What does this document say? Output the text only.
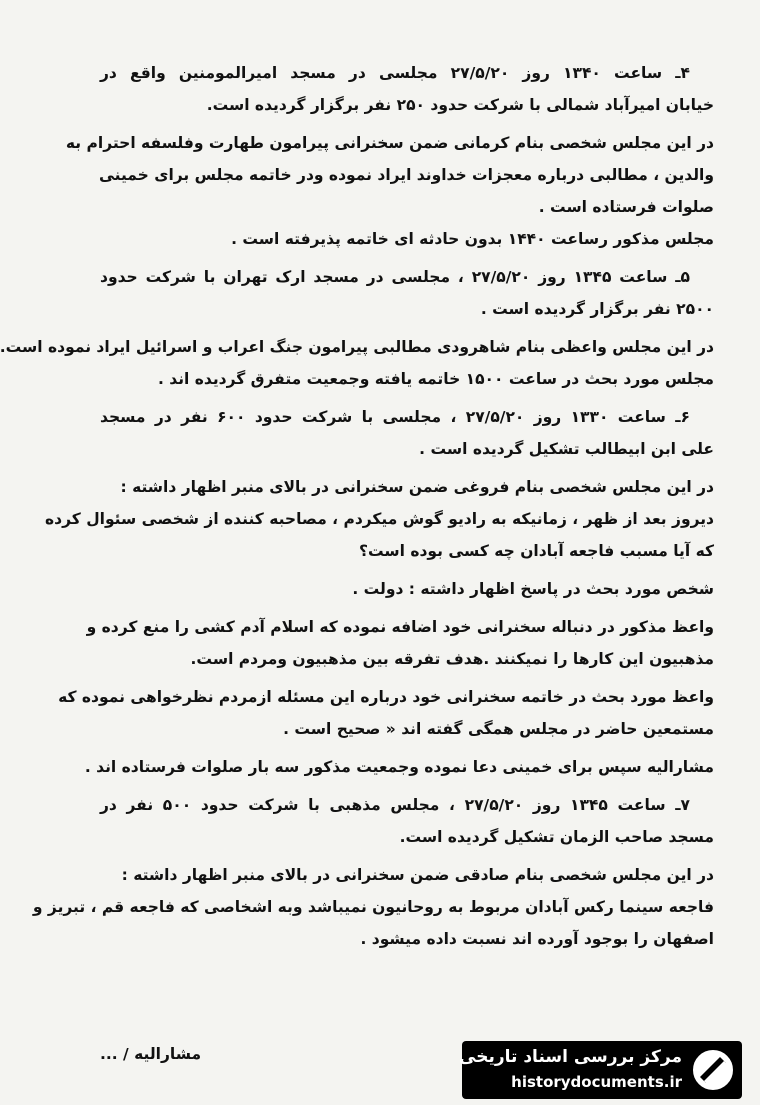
۴ـ ساعت ۱۳۴۰ روز ۲۷/۵/۲۰ مجلسی در مسجد امیرالمومنین واقع در

خیابان امیرآباد شمالی با شرکت حدود ۲۵۰ نفر برگزار گردیده است.

در این مجلس شخصی بنام کرمانی ضمن سخنرانی پیرامون طهارت وفلسفه احترام به

والدین ، مطالبی درباره معجزات خداوند ایراد نموده ودر خاتمه مجلس برای خمینی

صلوات فرستاده است .

مجلس مذکور رساعت ۱۴۴۰ بدون حادثه ای خاتمه پذیرفته است .

۵ـ ساعت ۱۳۴۵ روز ۲۷/۵/۲۰ ، مجلسی در مسجد ارک تهران با شرکت حدود

۲۵۰۰ نفر برگزار گردیده است .

در این مجلس واعظی بنام شاهرودی مطالبی پیرامون جنگ اعراب و اسرائیل ایراد نموده است.

مجلس مورد بحث در ساعت ۱۵۰۰ خاتمه یافته وجمعیت متفرق گردیده اند .

۶ـ ساعت ۱۳۳۰ روز ۲۷/۵/۲۰ ، مجلسی با شرکت حدود ۶۰۰ نفر در مسجد

علی ابن ابیطالب تشکیل گردیده است .

در این مجلس شخصی بنام فروغی ضمن سخنرانی در بالای منبر اظهار داشته :

دیروز بعد از ظهر ، زمانیکه به رادیو گوش میکردم ، مصاحبه کننده از شخصی سئوال کرده

که آیا مسبب فاجعه آبادان چه کسی بوده است؟

شخص مورد بحث در پاسخ اظهار داشته : دولت .

واعظ مذکور در دنباله سخنرانی خود اضافه نموده که اسلام آدم کشی را منع کرده و

مذهبیون این کارها را نمیکنند .هدف تفرقه بین مذهبیون ومردم است.

واعظ مورد بحث در خاتمه سخنرانی خود درباره این مسئله ازمردم نظرخواهی نموده که

مستمعین حاضر در مجلس همگی گفته اند « صحیح است .

مشارالیه سپس برای خمینی دعا نموده وجمعیت مذکور سه بار صلوات فرستاده اند .

۷ـ ساعت ۱۳۴۵ روز ۲۷/۵/۲۰ ، مجلس مذهبی با شرکت حدود ۵۰۰ نفر در

مسجد صاحب الزمان تشکیل گردیده است.

در این مجلس شخصی بنام صادقی ضمن سخنرانی در بالای منبر اظهار داشته :

فاجعه سینما رکس آبادان مربوط به روحانیون نمیباشد وبه اشخاصی که فاجعه قم ، تبریز و

اصفهان را بوجود آورده اند نسبت داده میشود .

مشارالیه / ...	مرکز بررسی اسناد تاریخی
historydocuments.ir
